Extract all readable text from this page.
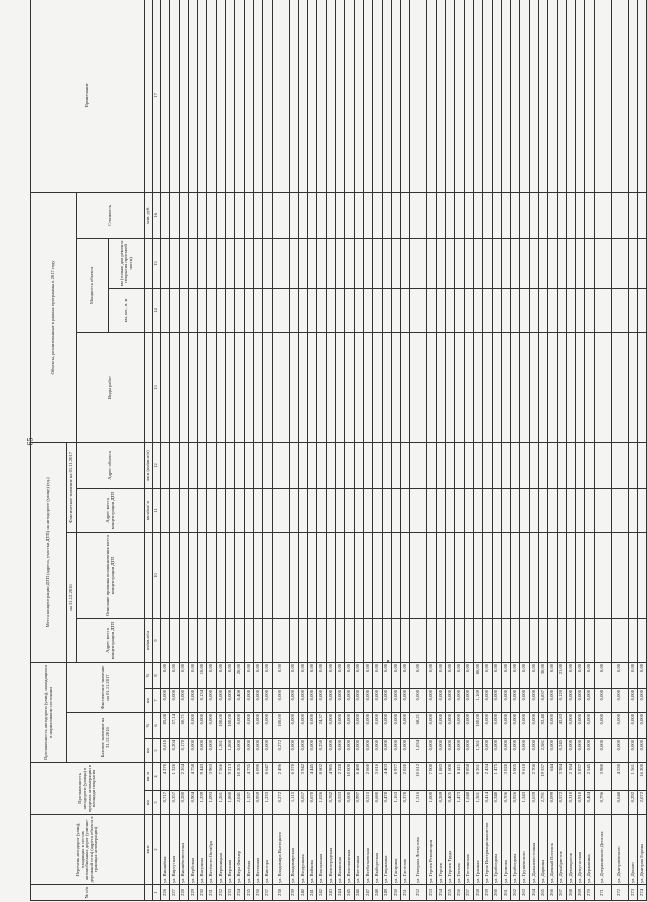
65
№ п/п	Перечень автодорог (улиц), входящих в состав автомобильных дорог (улично-дорожной сети) (адреса объекта в границах агломерации)	Протяженность автодороги (улицы) в пределах агломерации в площади покрытия		Протяженность автодороги (улиц), находящихся в нормативном состоянии				Места концентрации ДТП (адреса, участки ДТП) на автодороге (улице) (ед.)				Объекты, реализованные в рамках программы в 2017 году				Примечание
				Базовое значение на 31.12.2016		Фактическое значение на 01.11.2017		на 31.12.2016		Фактическое значение на 01.11.2017						
								Адрес места концентрации ДТП	Описание причины возникновения места концентрации ДТП	Адрес места концентрации ДТП	Адрес объекта	Виды работ	Мощность объекта		Стоимость	
													км, шт., п. м	км (только для ремонта покрытия проезжей части)		
	кв.м	км	кв. м	км	%	км	%	км/кв.м/га		кв.м/км/ м	кв.м (км/кв.м/м)				млн. руб.	
1	2	3	4	5	6	7	8	9	10	11	12	13	14	15	16	17
226	ул. Вишнёвая	0,717	4 270	0,610	85,08	0,000	0,00									
227	ул. Виртутная	0,357	1 320	0,204	57,14	0,000	0,00									
228	ул. Вишнёвопоселья	0,280	2 264	0,170	60,71	0,000	0,00									
229	ул. Вербовая	0,904	4 758	0,000	0,000	0,000	0,00									
230	ул. Вагулина	1,339	9 443	0,000	0,000	0,134	10,00									
231	ул. Весёлого Октября	1,093	3 963	0,000	0,000	0,000	0,00									
232	ул. Вереницкая	1,261	7 566	1,261	100,00	0,000	0,00									
233	ул. Верхняя	1,860	9 213	1,860	100,00	0,000	0,00									
234	ул. Вера Фигнер	2,041	10 205	0,000	0,000	0,408	20,00									
235	ул. Весёлая	1,157	4 735	0,000	0,000	0,000	0,00									
236	ул. Весенняя	0,959	6 090	0,000	0,000	0,000	0,00									
237	ул. Виктора	1,233	8 647	0,000	0,000	0,000	0,00									
238	ул. Владимира Высоцкого	0,272	2 496	0,272	100,00	0,000	0,00									
239	ул. Владимирская	1,115	6 570	0,000	0,000	0,000	0,00									
240	ул. Воздушная	0,657	3 942	0,000	0,000	0,000	0,00									
241	ул. Войкова	0,670	4 445	0,000	0,000	0,000	0,00									
242	ул. Вокзальная	1,026	8 602	0,250	24,37	0,000	0,00									
243	ул. Волгоградская	0,782	4 985	0,000	0,000	0,000	0,00									
244	ул. Волжская	0,533	2 228	0,000	0,000	0,000	0,00									
245	ул. Волочаевская	0,600	10 000	0,000	0,000	0,000	0,00									
246	ул. Восточная	0,997	6 480	0,000	0,000	0,000	0,00									
247	ул. Всебатьевская	0,515	2 660	0,000	0,000	0,000	0,00									
248	ул. Выборгская	0,680	3 616	0,000	0,000	0,000	0,00									
249	ул. Гаврилина	0,478	4 403	0,000	0,000	0,000	0,00									
250	ул. Гагарина	1,163	6 977	0,000	0,000	0,000	0,00									
251	ул. Гастелло	0,378	2 020	0,000	0,000	0,000	0,00									
252	ул. Генерала Лоскутова	1,516	10 612	1,034	68,21	0,000	0,00									
253	ул. Героев Революции	1,000	7 000	0,000	0,000	0,000	0,00									
254	ул. Героев	0,269	1 883	0,000	0,000	0,000	0,00									
255	ул. Героев Труда	0,405	1 600	0,000	0,000	0,000	0,00									
256	ул. Гоголя	1,473	8 411	0,000	0,000	0,000	0,00									
257	ул. Гостинская	1,648	9 858	0,000	0,000	0,000	0,00									
258	ул. Гранная	1,361	6 261	1,361	100,00	1,169	86,00									
259	ул. Героя Интернационалистов	0,414	2 434	0,000	0,000	0,000	0,00									
260	ул. Грибоедова	0,340	1 475	0,000	0,000	0,000	0,00									
261	ул. Громова	0,706	3 020	0,000	0,000	0,000	0,00									
262	ул. Грибоедова	0,926	5 005	0,000	0,000	0,000	0,00									
263	ул. Грушевского	1,343	9 618	0,000	0,000	0,000	0,00									
264	ул. Дальневосточная	0,639	2 706	0,000	0,000	0,000	0,00									
265	ул. Дарвина	2,791	19 537	2,581	92,48	0,837	30,00									
266	ул. Дачный Поселок	0,099	644	0,000	0,000	0,000	0,00									
267	ул. Декабристов	0,572	3 384	0,245	42,83	0,120	21,00									
268	ул. Демократов	0,310	2 184	0,000	0,000	0,000	0,00									
269	ул. Депутатская	0,910	5 837	0,000	0,000	0,000	0,00									
270	ул. Державина	0,404	2 545	0,000	0,000	0,000	0,00									
271	ул. Дзержинского Десятая	0,796	3 980	0,000	0,000	0,000	0,00									
272	ул. Дмитриевского	0,648	4 530	0,000	0,000	0,000	0,00									
273	ул. Донаго	0,292	1 561	0,000	0,000	0,000	0,00									
274	ул. Дмитрия Горина	2,072	16 200	0,000	0,000	0,000	0,00									
